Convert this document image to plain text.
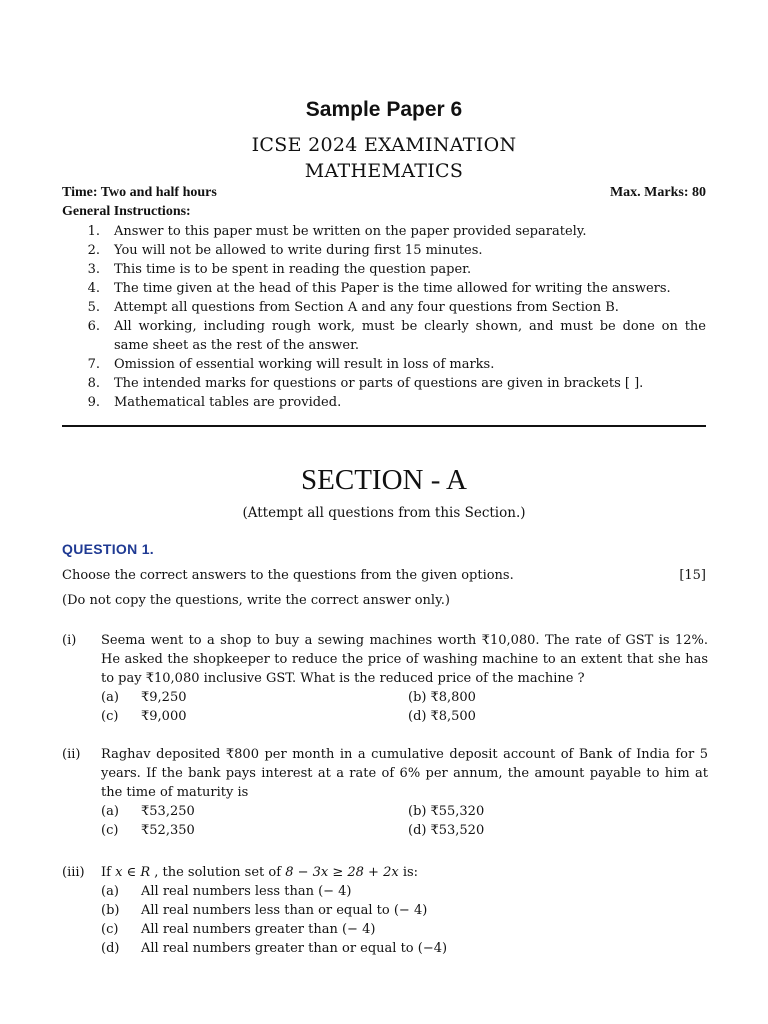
Sample Paper 6
ICSE 2024 EXAMINATION
MATHEMATICS
Time: Two and half hours	Max. Marks: 80
General Instructions:
1.	Answer to this paper must be written on the paper provided separately.
2.	You will not be allowed to write during first 15 minutes.
3.	This time is to be spent in reading the question paper.
4.	The time given at the head of this Paper is the time allowed for writing the answers.
5.	Attempt all questions from Section A and any four questions from Section B.
6.	All working, including rough work, must be clearly shown, and must be done on the same sheet as the rest of the answer.
7.	Omission of essential working will result in loss of marks.
8.	The intended marks for questions or parts of questions are given in brackets [ ].
9.	Mathematical tables are provided.
SECTION - A
(Attempt all questions from this Section.)
QUESTION 1.
Choose the correct answers to the questions from the given options.	[15]
(Do not copy the questions, write the correct answer only.)
(i)	Seema went to a shop to buy a sewing machines worth ₹10,080. The rate of GST is 12%. He asked the shopkeeper to reduce the price of washing machine to an extent that she has to pay ₹10,080 inclusive GST. What is the reduced price of the machine ?
(a)	₹9,250	(b) ₹8,800
(c)	₹9,000	(d) ₹8,500
(ii)	Raghav deposited ₹800 per month in a cumulative deposit account of Bank of India for 5 years. If the bank pays interest at a rate of 6% per annum, the amount payable to him at the time of maturity is
(a)	₹53,250	(b) ₹55,320
(c)	₹52,350	(d) ₹53,520
(iii)	If x ∈ R , the solution set of 8 − 3x ≥ 28 + 2x is:
(a)	All real numbers less than (− 4)
(b)	All real numbers less than or equal to (− 4)
(c)	All real numbers greater than (− 4)
(d)	All real numbers greater than or equal to (−4)
